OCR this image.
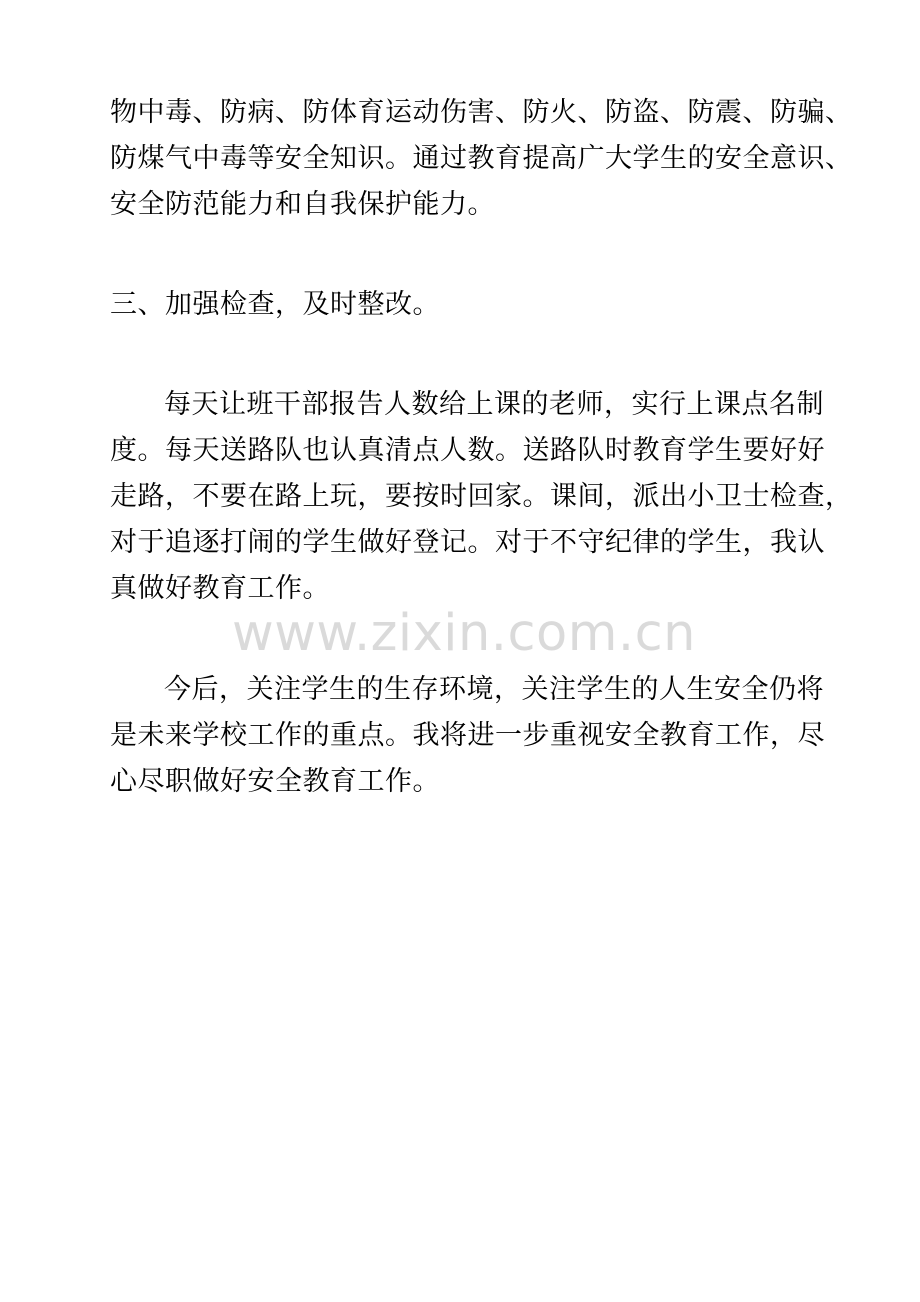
物中毒、防病、防体育运动伤害、防火、防盗、防震、防骗、
防煤气中毒等安全知识。通过教育提高广大学生的安全意识、
安全防范能力和自我保护能力。
三、加强检查，及时整改。
每天让班干部报告人数给上课的老师，实行上课点名制
度。每天送路队也认真清点人数。送路队时教育学生要好好
走路，不要在路上玩，要按时回家。课间，派出小卫士检查，
对于追逐打闹的学生做好登记。对于不守纪律的学生，我认
真做好教育工作。
www.zixin.com.cn
今后，关注学生的生存环境，关注学生的人生安全仍将
是未来学校工作的重点。我将进一步重视安全教育工作，尽
心尽职做好安全教育工作。
